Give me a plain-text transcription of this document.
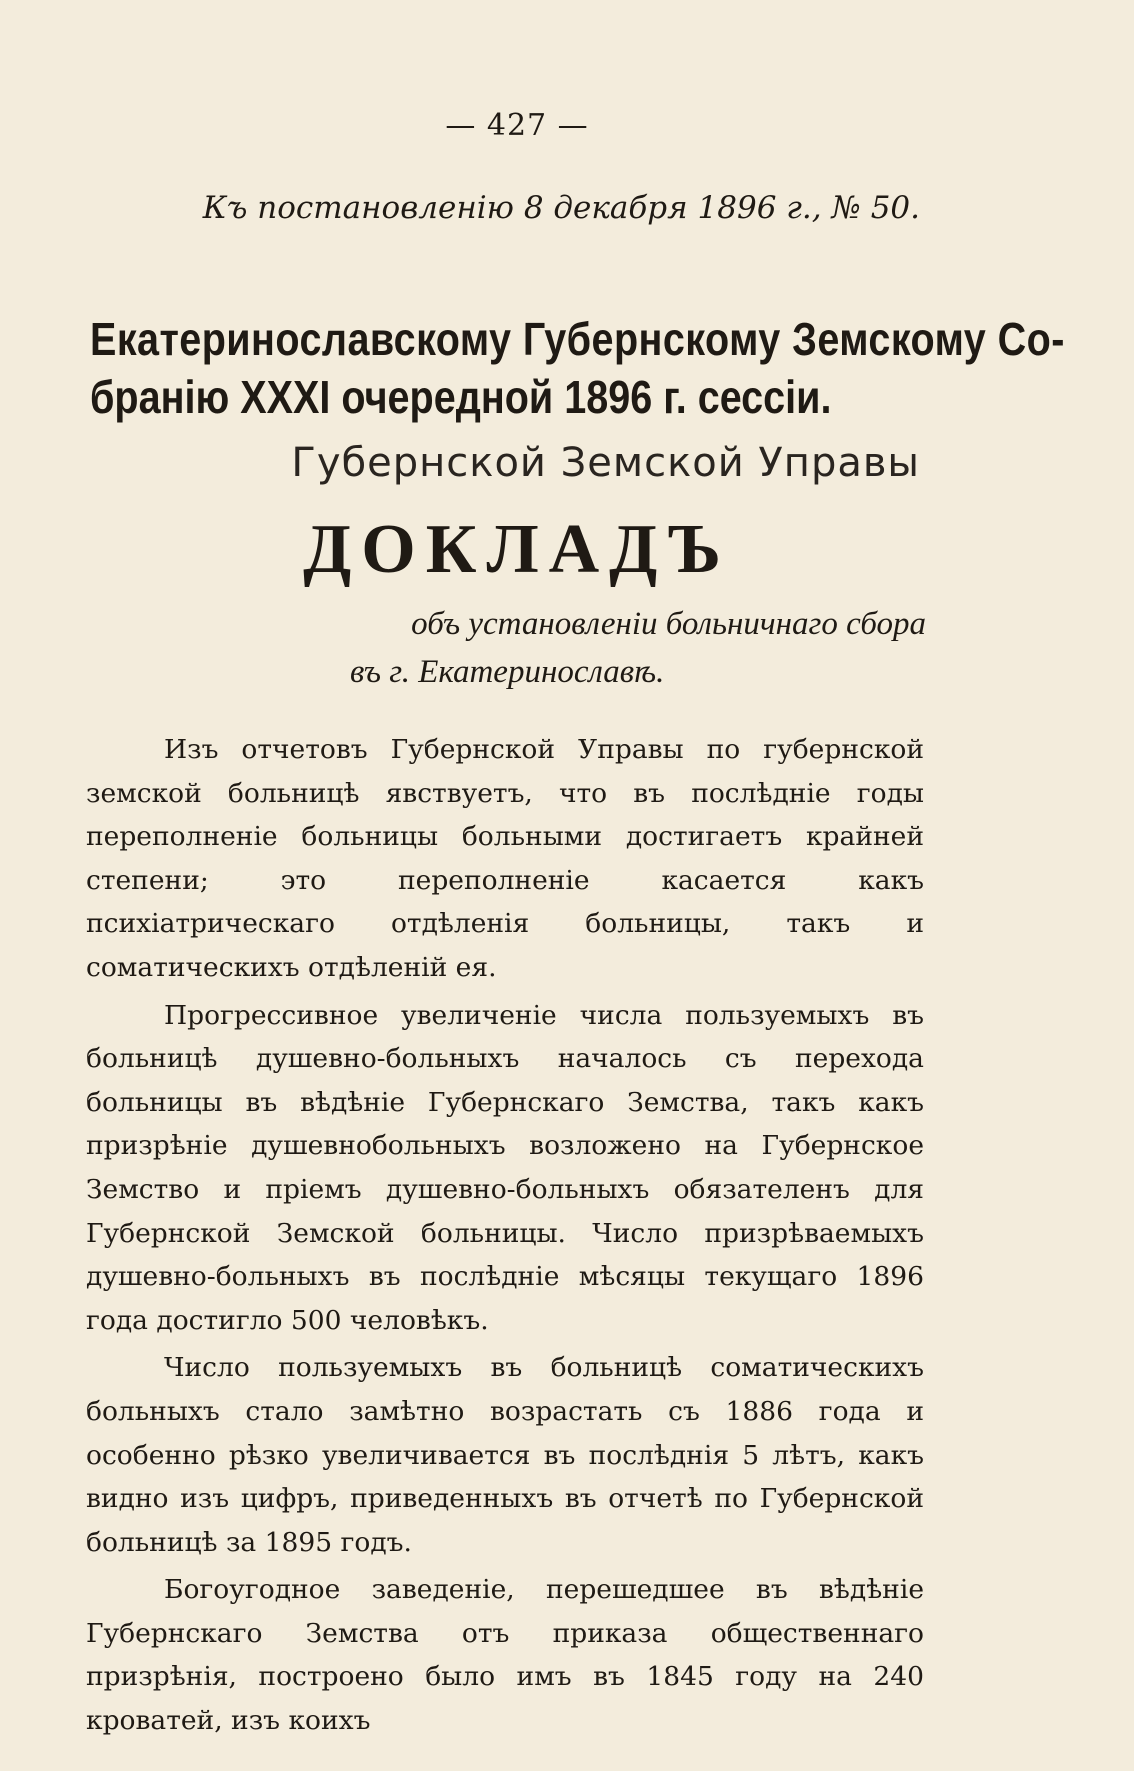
— 427 —
Къ постановленію 8 декабря 1896 г., № 50.
Екатеринославскому Губернскому Земскому Со-
бранію XXXI очередной 1896 г. сессіи.
Губернской Земской Управы
ДОКЛАДЪ
объ установленіи больничнаго сбора
въ г. Екатеринославѣ.

Изъ отчетовъ Губернской Управы по губернской земской больницѣ явствуетъ, что въ послѣдніе годы переполненіе больницы больными достигаетъ крайней степени; это переполненіе касается какъ психіатрическаго отдѣленія больницы, такъ и соматическихъ отдѣленій ея.

Прогрессивное увеличеніе числа пользуемыхъ въ больницѣ душевно-больныхъ началось съ перехода больницы въ вѣдѣніе Губернскаго Земства, такъ какъ призрѣніе душевнобольныхъ возложено на Губернское Земство и пріемъ душевно-больныхъ обязателенъ для Губернской Земской больницы. Число призрѣваемыхъ душевно-больныхъ въ послѣдніе мѣсяцы текущаго 1896 года достигло 500 человѣкъ.

Число пользуемыхъ въ больницѣ соматическихъ больныхъ стало замѣтно возрастать съ 1886 года и особенно рѣзко увеличивается въ послѣднія 5 лѣтъ, какъ видно изъ цифръ, приведенныхъ въ отчетѣ по Губернской больницѣ за 1895 годъ.

Богоугодное заведеніе, перешедшее въ вѣдѣніе Губернскаго Земства отъ приказа общественнаго призрѣнія, построено было имъ въ 1845 году на 240 кроватей, изъ коихъ
